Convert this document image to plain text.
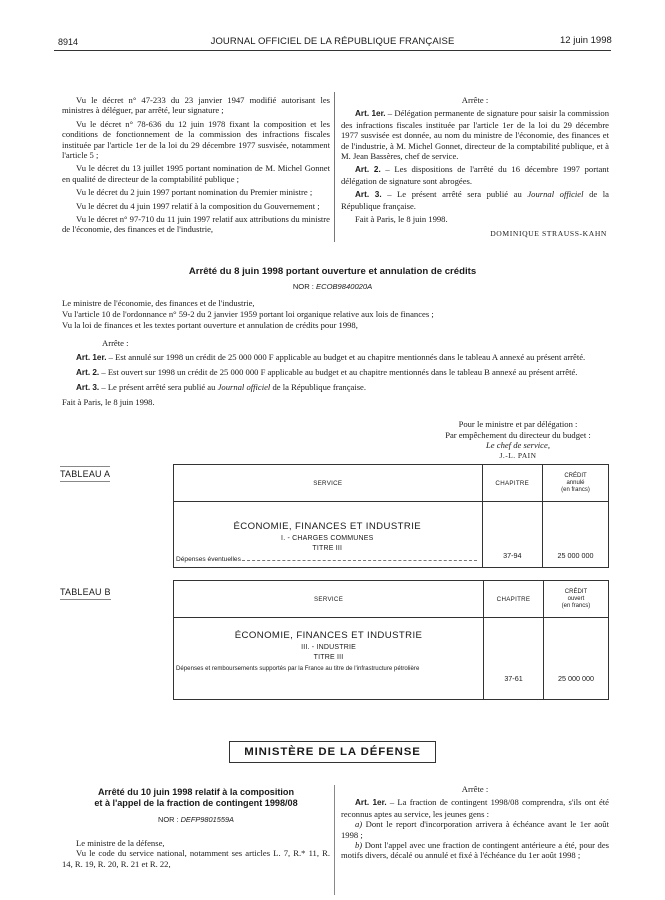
8914	JOURNAL OFFICIEL DE LA RÉPUBLIQUE FRANÇAISE	12 juin 1998

Vu le décret n° 47-233 du 23 janvier 1947 modifié autorisant les ministres à déléguer, par arrêté, leur signature ;

Vu le décret n° 78-636 du 12 juin 1978 fixant la composition et les conditions de fonctionnement de la commission des infractions fiscales instituée par l'article 1er de la loi du 29 décembre 1977 susvisée, notamment l'article 5 ;

Vu le décret du 13 juillet 1995 portant nomination de M. Michel Gonnet en qualité de directeur de la comptabilité publique ;

Vu le décret du 2 juin 1997 portant nomination du Premier ministre ;

Vu le décret du 4 juin 1997 relatif à la composition du Gouvernement ;

Vu le décret n° 97-710 du 11 juin 1997 relatif aux attributions du ministre de l'économie, des finances et de l'industrie,

Arrête :

Art. 1er. – Délégation permanente de signature pour saisir la commission des infractions fiscales instituée par l'article 1er de la loi du 29 décembre 1977 susvisée est donnée, au nom du ministre de l'économie, des finances et de l'industrie, à M. Michel Gonnet, directeur de la comptabilité publique, et à M. Jean Bassères, chef de service.

Art. 2. – Les dispositions de l'arrêté du 16 décembre 1997 portant délégation de signature sont abrogées.

Art. 3. – Le présent arrêté sera publié au Journal officiel de la République française.

Fait à Paris, le 8 juin 1998.

DOMINIQUE STRAUSS-KAHN
Arrêté du 8 juin 1998 portant ouverture et annulation de crédits
NOR : ECOB9840020A

Le ministre de l'économie, des finances et de l'industrie,

Vu l'article 10 de l'ordonnance n° 59-2 du 2 janvier 1959 portant loi organique relative aux lois de finances ;

Vu la loi de finances et les textes portant ouverture et annulation de crédits pour 1998,

Arrête :

Art. 1er. – Est annulé sur 1998 un crédit de 25 000 000 F applicable au budget et au chapitre mentionnés dans le tableau A annexé au présent arrêté.

Art. 2. – Est ouvert sur 1998 un crédit de 25 000 000 F applicable au budget et au chapitre mentionnés dans le tableau B annexé au présent arrêté.

Art. 3. – Le présent arrêté sera publié au Journal officiel de la République française.

Fait à Paris, le 8 juin 1998.

Pour le ministre et par délégation :
Par empêchement du directeur du budget :
Le chef de service,
J.-L. PAIN
TABLEAU A
SERVICE	CHAPITRE	CRÉDIT
annulé
(en francs)

ÉCONOMIE, FINANCES ET INDUSTRIE
I. - CHARGES COMMUNES
TITRE III
Dépenses éventuelles	37-94	25 000 000
TABLEAU B
SERVICE	CHAPITRE	CRÉDIT
ouvert
(en francs)

ÉCONOMIE, FINANCES ET INDUSTRIE
III. - INDUSTRIE
TITRE III
Dépenses et remboursements supportés par la France au titre de l'infrastructure pétrolière	37-61	25 000 000
MINISTÈRE DE LA DÉFENSE
Arrêté du 10 juin 1998 relatif à la composition
et à l'appel de la fraction de contingent 1998/08
NOR : DEFP9801559A

Le ministre de la défense,

Vu le code du service national, notamment ses articles L. 7, R.* 11, R. 14, R. 19, R. 20, R. 21 et R. 22,

Arrête :

Art. 1er. – La fraction de contingent 1998/08 comprendra, s'ils ont été reconnus aptes au service, les jeunes gens :

a) Dont le report d'incorporation arrivera à échéance avant le 1er août 1998 ;

b) Dont l'appel avec une fraction de contingent antérieure a été, pour des motifs divers, décalé ou annulé et fixé à l'échéance du 1er août 1998 ;
